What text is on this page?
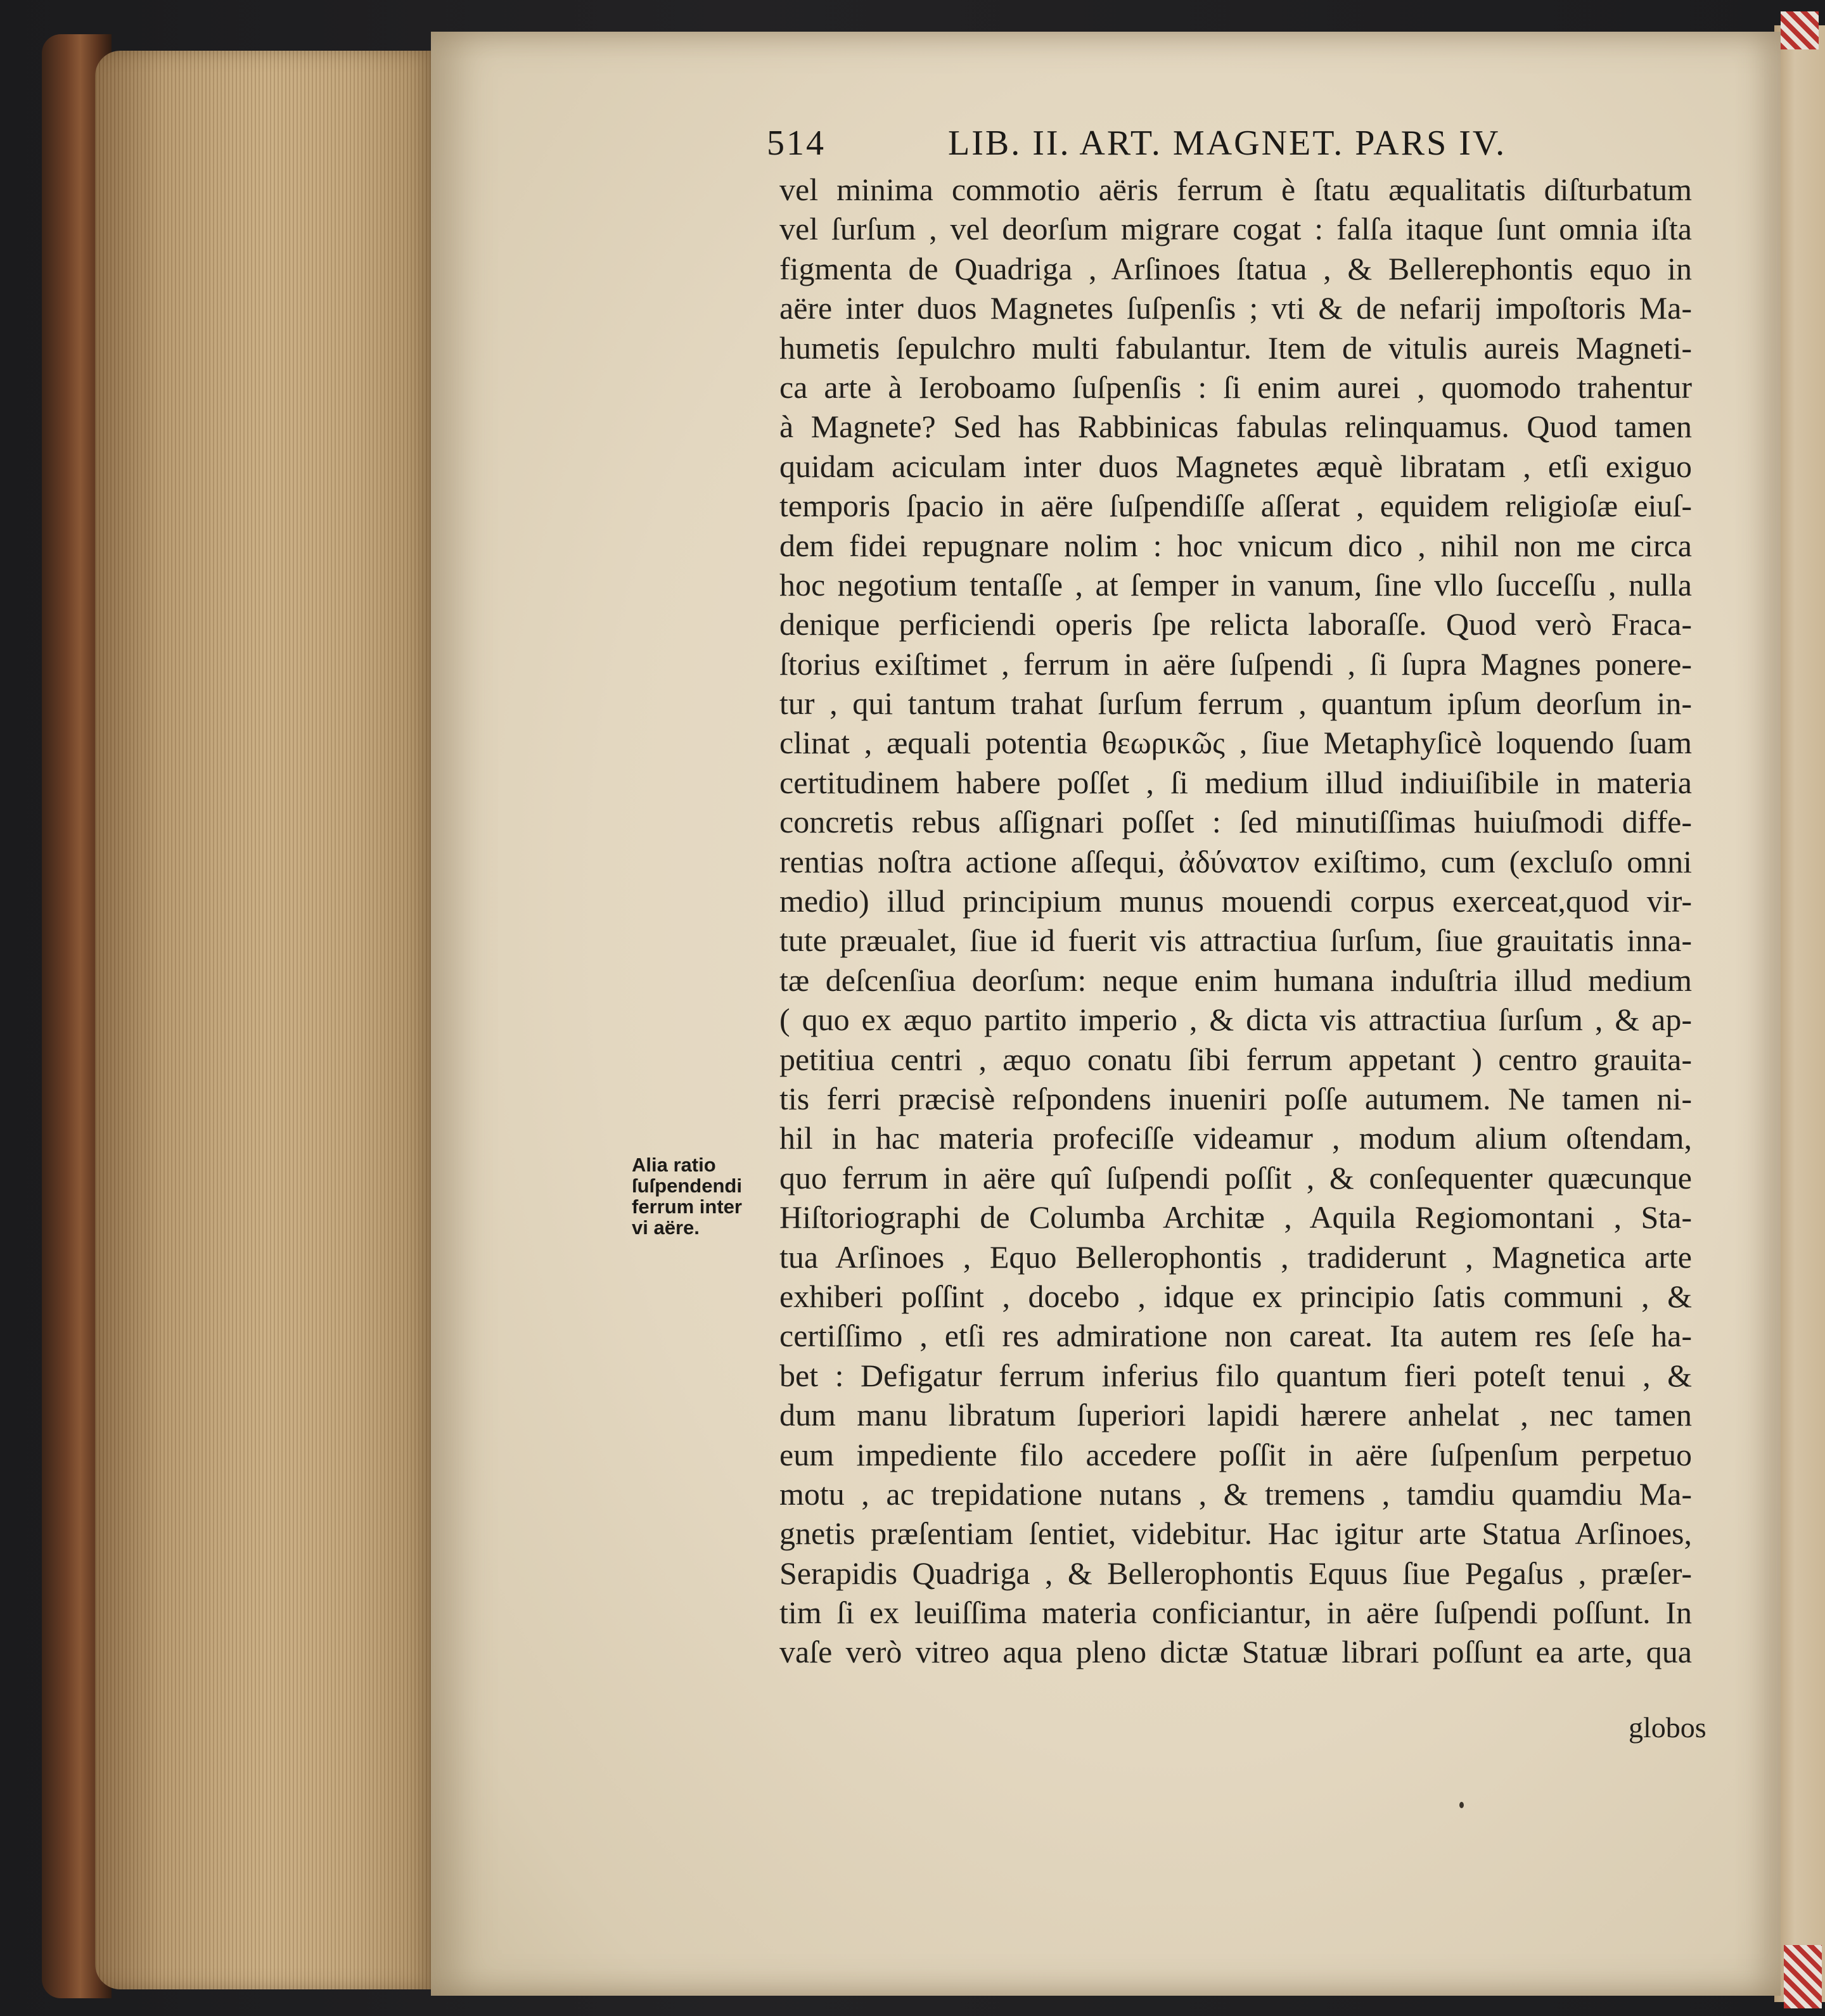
514	LIB. II. ART. MAGNET. PARS IV.
vel minima commotio aëris ferrum è ſtatu æqualitatis diſturbatum
vel ſurſum , vel deorſum migrare cogat : falſa itaque ſunt omnia iſta
figmenta de Quadriga , Arſinoes ſtatua , & Bellerephontis equo in
aëre inter duos Magnetes ſuſpenſis ; vti & de nefarij impoſtoris Ma-
humetis ſepulchro multi fabulantur. Item de vitulis aureis Magneti-
ca arte à Ieroboamo ſuſpenſis : ſi enim aurei , quomodo trahentur
à Magnete? Sed has Rabbinicas fabulas relinquamus. Quod tamen
quidam aciculam inter duos Magnetes æquè libratam , etſi exiguo
temporis ſpacio in aëre ſuſpendiſſe aſſerat , equidem religioſæ eiuſ-
dem fidei repugnare nolim : hoc vnicum dico , nihil non me circa
hoc negotium tentaſſe , at ſemper in vanum, ſine vllo ſucceſſu , nulla
denique perficiendi operis ſpe relicta laboraſſe. Quod verò Fraca-
ſtorius exiſtimet , ferrum in aëre ſuſpendi , ſi ſupra Magnes ponere-
tur , qui tantum trahat ſurſum ferrum , quantum ipſum deorſum in-
clinat , æquali potentia θεωρικῶς , ſiue Metaphyſicè loquendo ſuam
certitudinem habere poſſet , ſi medium illud indiuiſibile in materia
concretis rebus aſſignari poſſet : ſed minutiſſimas huiuſmodi diffe-
rentias noſtra actione aſſequi, ἀδύνατον exiſtimo, cum (excluſo omni
medio) illud principium munus mouendi corpus exerceat,quod vir-
tute præualet, ſiue id fuerit vis attractiua ſurſum, ſiue grauitatis inna-
tæ deſcenſiua deorſum: neque enim humana induſtria illud medium
( quo ex æquo partito imperio , & dicta vis attractiua ſurſum , & ap-
petitiua centri , æquo conatu ſibi ferrum appetant ) centro grauita-
tis ferri præcisè reſpondens inueniri poſſe autumem. Ne tamen ni-
hil in hac materia profeciſſe videamur , modum alium oſtendam,
quo ferrum in aëre quî ſuſpendi poſſit , & conſequenter quæcunque
Hiſtoriographi de Columba Architæ , Aquila Regiomontani , Sta-
tua Arſinoes , Equo Bellerophontis , tradiderunt , Magnetica arte
exhiberi poſſint , docebo , idque ex principio ſatis communi , &
certiſſimo , etſi res admiratione non careat. Ita autem res ſeſe ha-
bet : Defigatur ferrum inferius filo quantum fieri poteſt tenui , &
dum manu libratum ſuperiori lapidi hærere anhelat , nec tamen
eum impediente filo accedere poſſit in aëre ſuſpenſum perpetuo
motu , ac trepidatione nutans , & tremens , tamdiu quamdiu Ma-
gnetis præſentiam ſentiet, videbitur. Hac igitur arte Statua Arſinoes,
Serapidis Quadriga , & Bellerophontis Equus ſiue Pegaſus , præſer-
tim ſi ex leuiſſima materia conficiantur, in aëre ſuſpendi poſſunt. In
vaſe verò vitreo aqua pleno dictæ Statuæ librari poſſunt ea arte, qua
globos
Alia ratio
ſuſpendendi
ferrum inter
vi aëre.
